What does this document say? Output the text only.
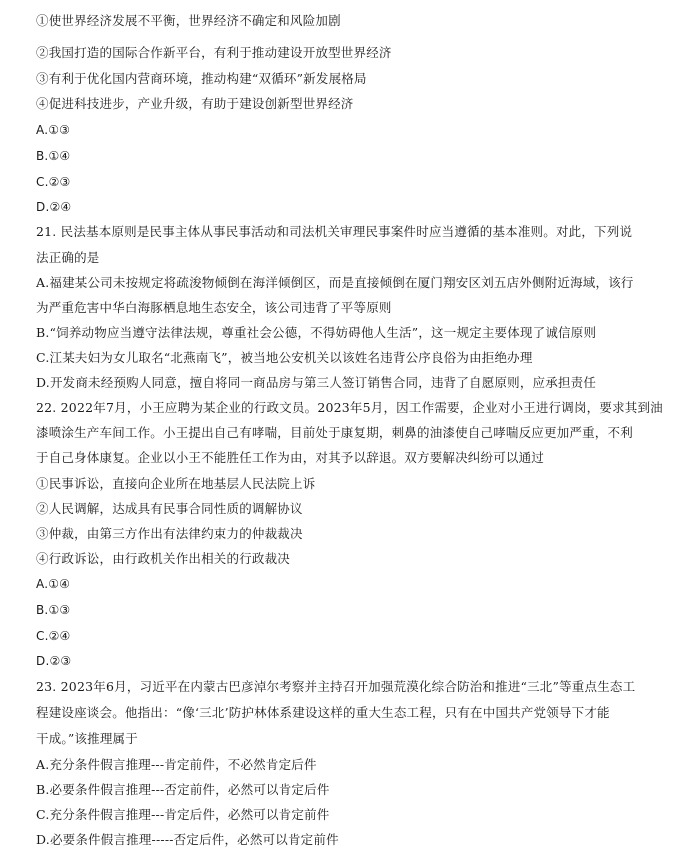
①使世界经济发展不平衡，世界经济不确定和风险加剧
②我国打造的国际合作新平台，有利于推动建设开放型世界经济
③有利于优化国内营商环境，推动构建“双循环”新发展格局
④促进科技进步，产业升级，有助于建设创新型世界经济
A.①③
B.①④
C.②③
D.②④
21. 民法基本原则是民事主体从事民事活动和司法机关审理民事案件时应当遵循的基本准则。对此，下列说
法正确的是
A.福建某公司未按规定将疏浚物倾倒在海洋倾倒区，而是直接倾倒在厦门翔安区刘五店外侧附近海域，该行
为严重危害中华白海豚栖息地生态安全，该公司违背了平等原则
B.“饲养动物应当遵守法律法规，尊重社会公德，不得妨碍他人生活”，这一规定主要体现了诚信原则
C.江某夫妇为女儿取名“北燕南飞”，被当地公安机关以该姓名违背公序良俗为由拒绝办理
D.开发商未经预购人同意，擅自将同一商品房与第三人签订销售合同，违背了自愿原则，应承担责任
22. 2022年7月，小王应聘为某企业的行政文员。2023年5月，因工作需要，企业对小王进行调岗，要求其到油
漆喷涂生产车间工作。小王提出自己有哮喘，目前处于康复期，刺鼻的油漆使自己哮喘反应更加严重，不利
于自己身体康复。企业以小王不能胜任工作为由，对其予以辞退。双方要解决纠纷可以通过
①民事诉讼，直接向企业所在地基层人民法院上诉
②人民调解，达成具有民事合同性质的调解协议
③仲裁，由第三方作出有法律约束力的仲裁裁决
④行政诉讼，由行政机关作出相关的行政裁决
A.①④
B.①③
C.②④
D.②③
23. 2023年6月，习近平在内蒙古巴彦淖尔考察并主持召开加强荒漠化综合防治和推进“三北”等重点生态工
程建设座谈会。他指出：“像‘三北’防护林体系建设这样的重大生态工程，只有在中国共产党领导下才能
干成。”该推理属于
A.充分条件假言推理---肯定前件，不必然肯定后件
B.必要条件假言推理---否定前件，必然可以肯定后件
C.充分条件假言推理---肯定后件，必然可以肯定前件
D.必要条件假言推理-----否定后件，必然可以肯定前件
